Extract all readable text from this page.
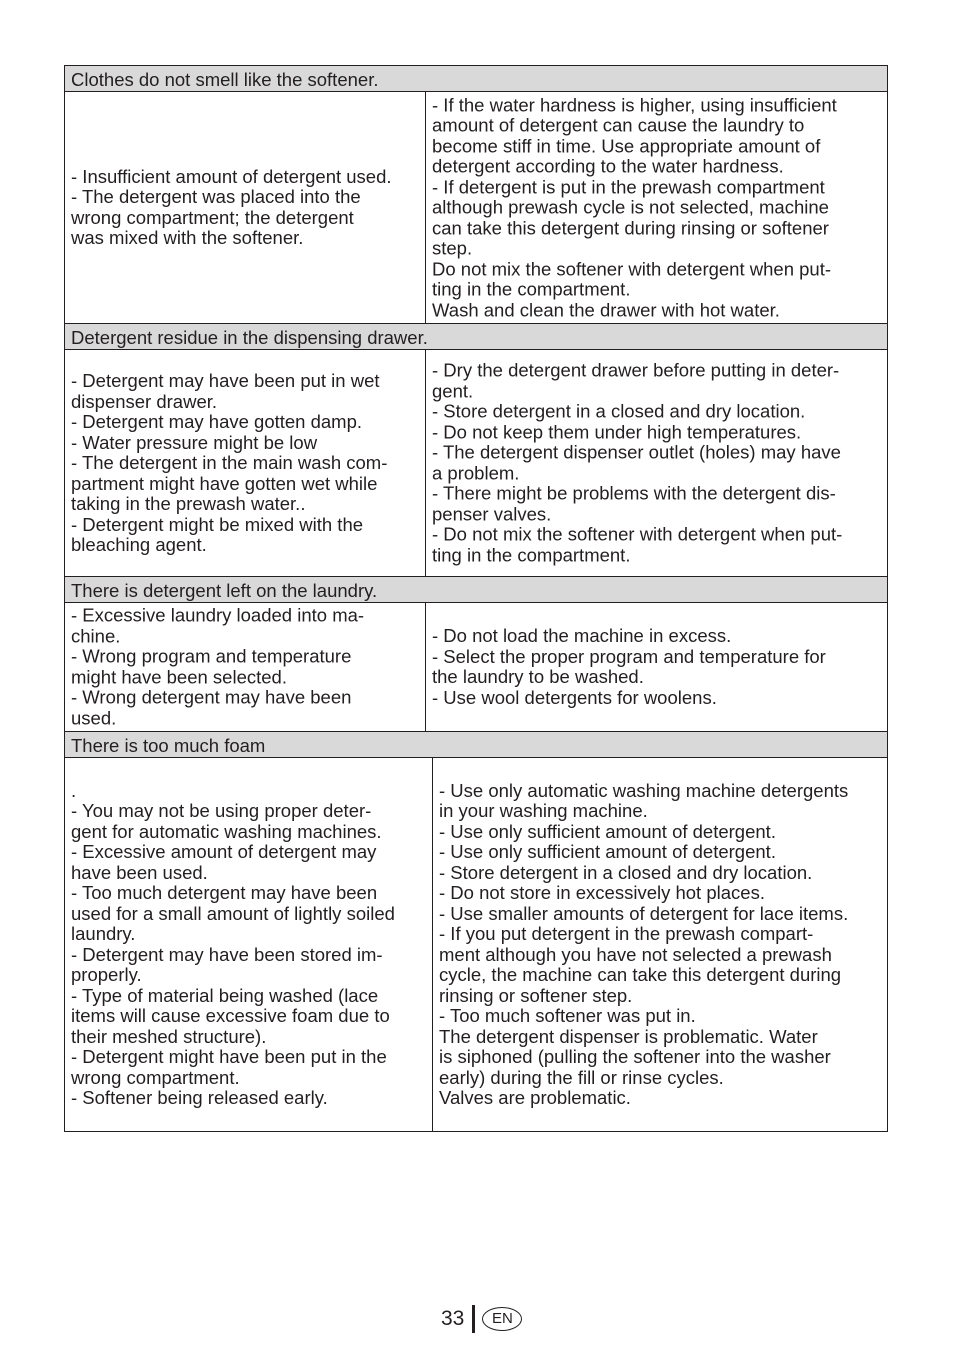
Clothes do not smell like the softener.
- Insufficient amount of detergent used.
- The detergent was placed into the
wrong compartment; the detergent
was mixed with the softener.
- If the water hardness is higher, using insufficient
amount of detergent can cause the laundry to
become stiff in time. Use appropriate amount of
detergent according to the water hardness.
- If detergent is put in the prewash compartment
although prewash cycle is not selected, machine
can take this detergent during rinsing or softener
step.
Do not mix the softener with detergent when put-
ting in the compartment.
Wash and clean the drawer with hot water.
Detergent residue in the dispensing drawer.
- Detergent may have been put in wet
dispenser drawer.
- Detergent may have gotten damp.
- Water pressure might be low
- The detergent in the main wash com-
partment might have gotten wet while
taking in the prewash water..
- Detergent might be mixed with the
bleaching agent.
- Dry the detergent drawer before putting in deter-
gent.
- Store detergent in a closed and dry location.
- Do not keep them under high temperatures.
- The detergent dispenser outlet (holes) may have
a problem.
- There might be problems with the detergent dis-
penser valves.
- Do not mix the softener with detergent when put-
ting in the compartment.
There is detergent left on the laundry.
- Excessive laundry loaded into ma-
chine.
- Wrong program and temperature
might have been selected.
- Wrong detergent may have been
used.
- Do not load the machine in excess.
- Select the proper program and temperature for
the laundry to be washed.
- Use wool detergents for woolens.
There is too much foam
.
- You may not be using proper deter-
gent for automatic washing machines.
- Excessive amount of detergent may
have been used.
- Too much detergent may have been
used for a small amount of lightly soiled
laundry.
- Detergent may have been stored im-
properly.
- Type of material being washed (lace
items will cause excessive foam due to
their meshed structure).
- Detergent might have been put in the
wrong compartment.
- Softener being released early.
- Use only automatic washing machine detergents
in your washing machine.
- Use only sufficient amount of detergent.
- Use only sufficient amount of detergent.
- Store detergent in a closed and dry location.
- Do not store in excessively hot places.
- Use smaller amounts of detergent for lace items.
- If you put detergent in the prewash compart-
ment although you have not selected a prewash
cycle, the machine can take this detergent during
rinsing or softener step.
- Too much softener was put in.
The detergent dispenser is problematic. Water
is siphoned (pulling the softener into the washer
early) during the fill or rinse cycles.
Valves are problematic.
33	EN
